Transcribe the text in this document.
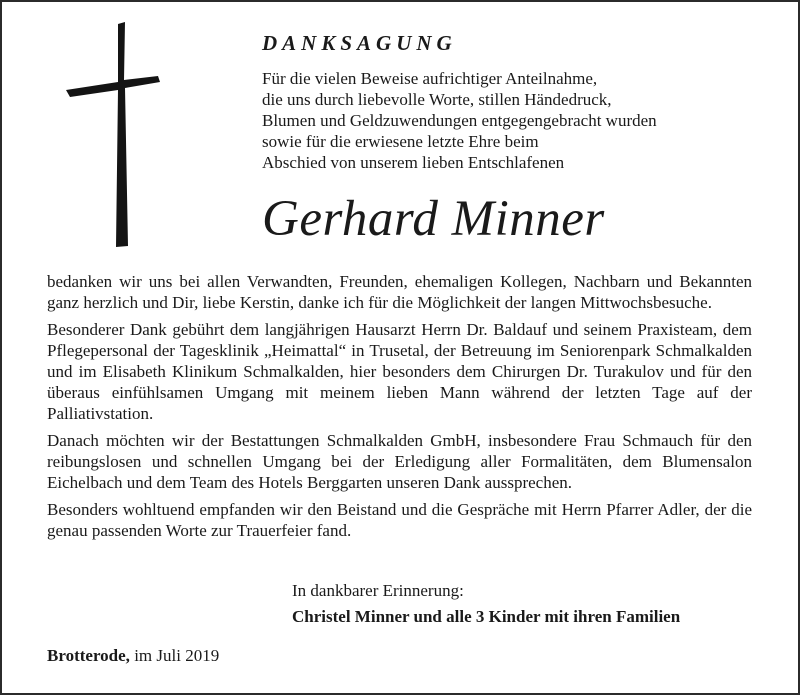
DANKSAGUNG
Für die vielen Beweise aufrichtiger Anteilnahme,
die uns durch liebevolle Worte, stillen Händedruck,
Blumen und Geldzuwendungen entgegengebracht wurden
sowie für die erwiesene letzte Ehre beim
Abschied von unserem lieben Entschlafenen
Gerhard Minner

bedanken wir uns bei allen Verwandten, Freunden, ehemaligen Kollegen, Nachbarn und Bekannten ganz herzlich und Dir, liebe Kerstin, danke ich für die Möglichkeit der langen Mittwochsbesuche.

Besonderer Dank gebührt dem langjährigen Hausarzt Herrn Dr. Baldauf und seinem Praxisteam, dem Pflegepersonal der Tagesklinik „Heimattal“ in Trusetal, der Betreuung im Seniorenpark Schmalkalden und im Elisabeth Klinikum Schmalkalden, hier besonders dem Chirurgen Dr. Turakulov und für den überaus einfühlsamen Umgang mit meinem lieben Mann während der letzten Tage auf der Palliativstation.

Danach möchten wir der Bestattungen Schmalkalden GmbH, insbesondere Frau Schmauch für den reibungslosen und schnellen Umgang bei der Erledigung aller Formalitäten, dem Blumensalon Eichelbach und dem Team des Hotels Berggarten unseren Dank aussprechen.

Besonders wohltuend empfanden wir den Beistand und die Gespräche mit Herrn Pfarrer Adler, der die genau passenden Worte zur Trauerfeier fand.

In dankbarer Erinnerung:
Christel Minner und alle 3 Kinder mit ihren Familien
Brotterode, im Juli 2019
